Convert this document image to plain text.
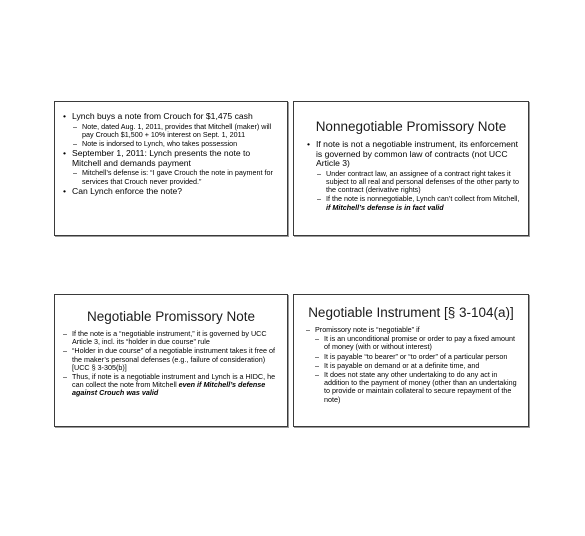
• Lynch buys a note from Crouch for $1,475 cash
– Note, dated Aug. 1, 2011, provides that Mitchell (maker) will pay Crouch $1,500 + 10% interest on Sept. 1, 2011
– Note is indorsed to Lynch, who takes possession
• September 1, 2011: Lynch presents the note to Mitchell and demands payment
– Mitchell’s defense is: “I gave Crouch the note in payment for services that Crouch never provided.”
• Can Lynch enforce the note?
Nonnegotiable Promissory Note
• If note is not a negotiable instrument, its enforcement is governed by common law of contracts (not UCC Article 3)
– Under contract law, an assignee of a contract right takes it subject to all real and personal defenses of the other party to the contract (derivative rights)
– If the note is nonnegotiable, Lynch can’t collect from Mitchell, if Mitchell’s defense is in fact valid
Negotiable Promissory Note
– If the note is a “negotiable instrument,” it is governed by UCC Article 3, incl. its “holder in due course” rule
– “Holder in due course” of a negotiable instrument takes it free of the maker’s personal defenses (e.g., failure of consideration) [UCC § 3-305(b)]
– Thus, if note is a negotiable instrument and Lynch is a HIDC, he can collect the note from Mitchell even if Mitchell’s defense against Crouch was valid
Negotiable Instrument [§ 3-104(a)]
– Promissory note is “negotiable” if
– It is an unconditional promise or order to pay a fixed amount of money (with or without interest)
– It is payable “to bearer” or “to order” of a particular person
– It is payable on demand or at a definite time, and
– It does not state any other undertaking to do any act in addition to the payment of money (other than an undertaking to provide or maintain collateral to secure repayment of the note)
